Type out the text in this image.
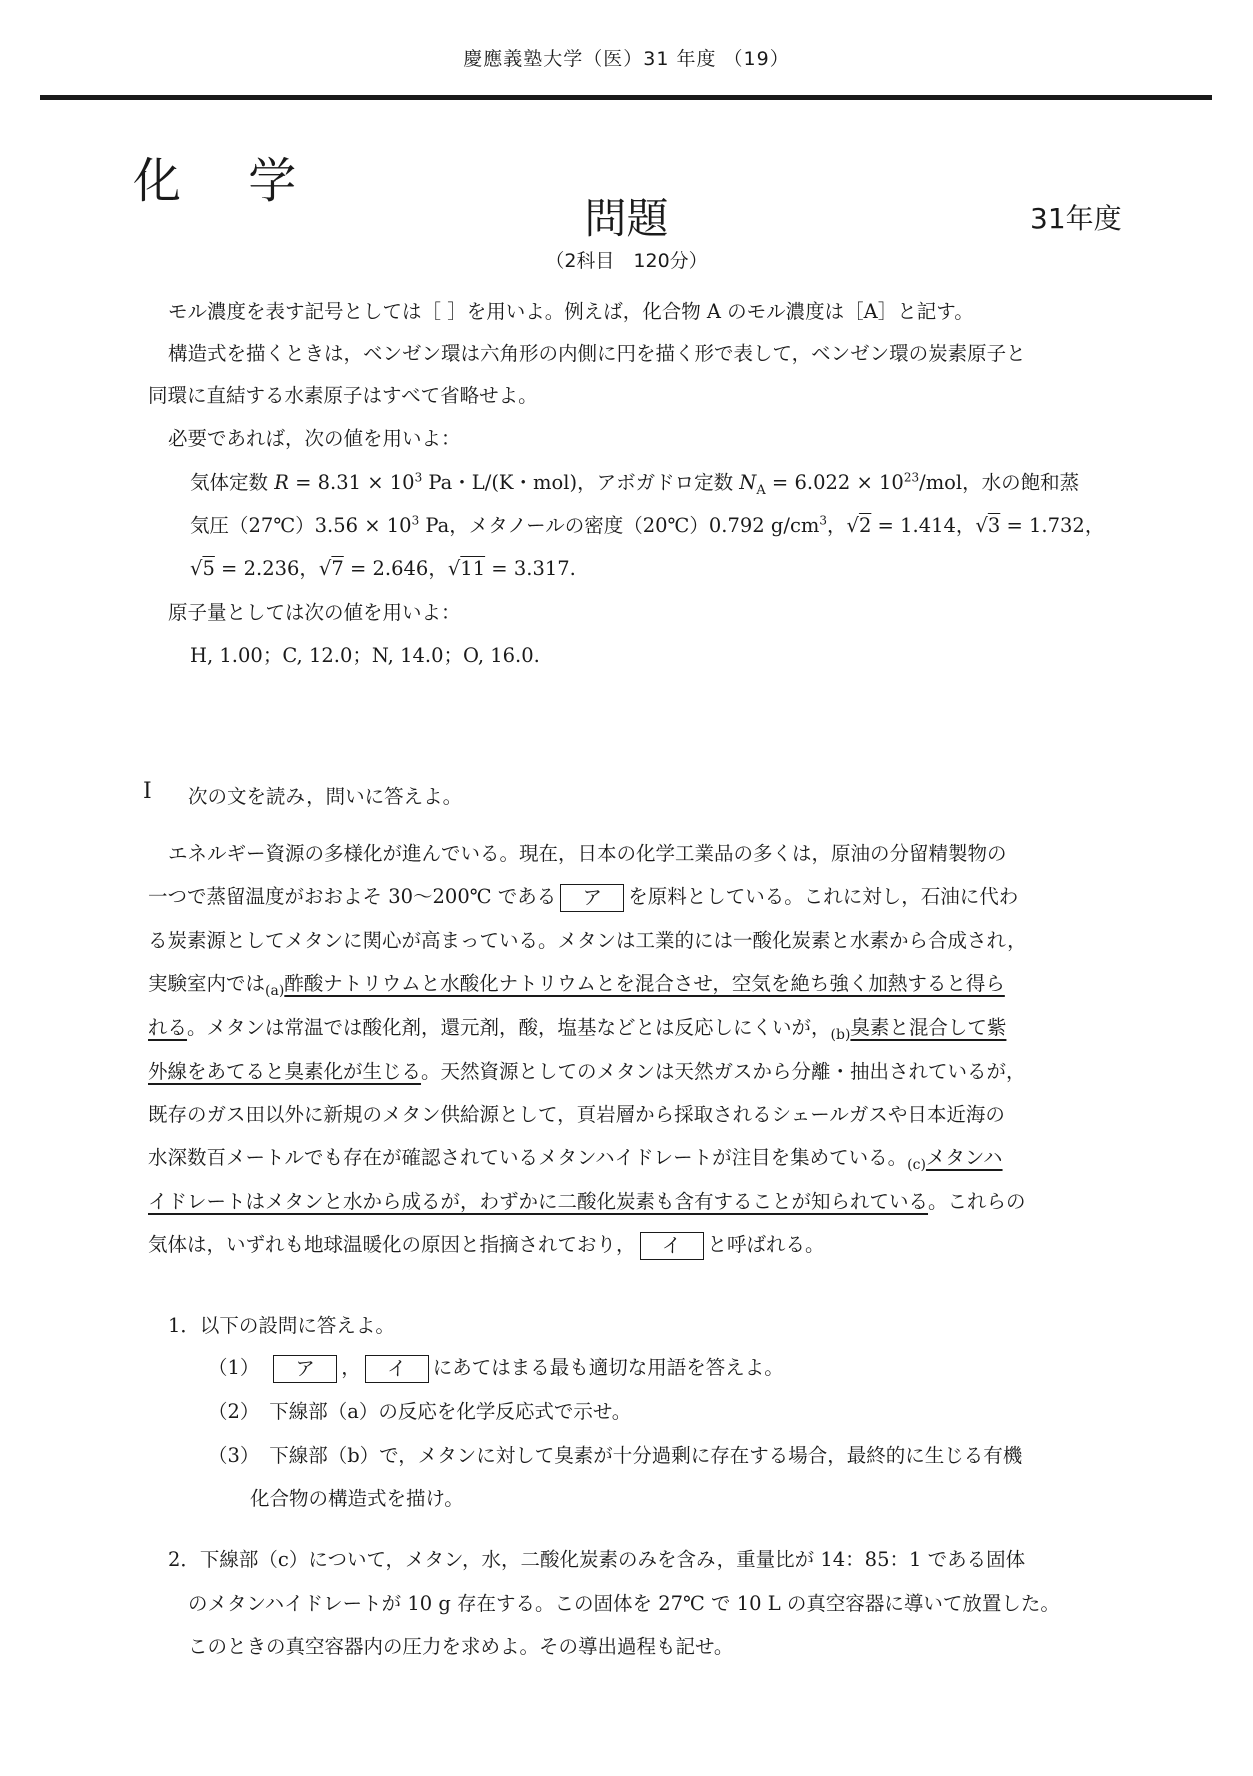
慶應義塾大学（医）31 年度 （19）
化 学
問題	31年度
（2科目　120分）
モル濃度を表す記号としては［ ］を用いよ。例えば，化合物 A のモル濃度は［A］と記す。
構造式を描くときは，ベンゼン環は六角形の内側に円を描く形で表して，ベンゼン環の炭素原子と
同環に直結する水素原子はすべて省略せよ。
必要であれば，次の値を用いよ：
気体定数 $R = 8.31 \times 10^3$ Pa・L/(K・mol)，アボガドロ定数 $N_A = 6.022 \times 10^{23}/mol$，水の飽和蒸
気圧（27℃）3.56 × $10^3$ Pa，メタノールの密度（20℃）0.792 $g/cm^3$，√2 = 1.414，√3 = 1.732，
√5 = 2.236，√7 = 2.646，√11 = 3.317.
原子量としては次の値を用いよ：
H, 1.00；C, 12.0；N, 14.0；O, 16.0.
I 次の文を読み，問いに答えよ。
エネルギー資源の多様化が進んでいる。現在，日本の化学工業品の多くは，原油の分留精製物の
一つで蒸留温度がおおよそ 30〜200℃ である ア を原料としている。これに対し，石油に代わ
る炭素源としてメタンに関心が高まっている。メタンは工業的には一酸化炭素と水素から合成され，
実験室内では$_{(a)}$酢酸ナトリウムと水酸化ナトリウムとを混合させ，空気を絶ち強く加熱すると得ら
れる。メタンは常温では酸化剤，還元剤，酸，塩基などとは反応しにくいが，$_{(b)}$臭素と混合して紫
外線をあてると臭素化が生じる。天然資源としてのメタンは天然ガスから分離・抽出されているが，
既存のガス田以外に新規のメタン供給源として，頁岩層から採取されるシェールガスや日本近海の
水深数百メートルでも存在が確認されているメタンハイドレートが注目を集めている。$_{(c)}$メタンハ
イドレートはメタンと水から成るが，わずかに二酸化炭素も含有することが知られている。これらの
気体は，いずれも地球温暖化の原因と指摘されており， イ と呼ばれる。
1．以下の設問に答えよ。
（1）　 ア ， イ にあてはまる最も適切な用語を答えよ。
（2）　 下線部（a）の反応を化学反応式で示せ。
（3）　 下線部（b）で，メタンに対して臭素が十分過剰に存在する場合，最終的に生じる有機
化合物の構造式を描け。
2．下線部（c）について，メタン，水，二酸化炭素のみを含み，重量比が 14：85：1 である固体
のメタンハイドレートが 10 g 存在する。この固体を 27℃ で 10 L の真空容器に導いて放置した。
このときの真空容器内の圧力を求めよ。その導出過程も記せ。
